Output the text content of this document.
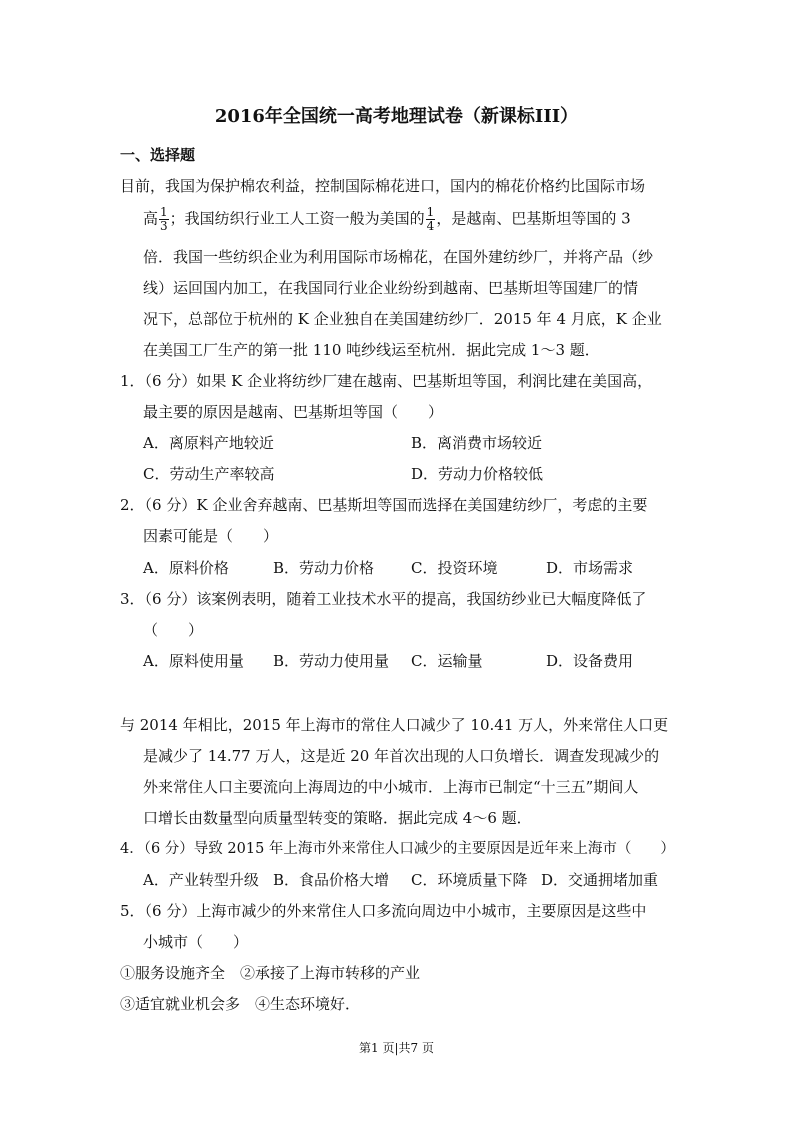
2016年全国统一高考地理试卷（新课标III）
一、选择题
目前，我国为保护棉农利益，控制国际棉花进口，国内的棉花价格约比国际市场
高 $\frac{1}{3}$ ；我国纺织行业工人工资一般为美国的 $\frac{1}{4}$ ，是越南、巴基斯坦等国的 3
倍．我国一些纺织企业为利用国际市场棉花，在国外建纺纱厂，并将产品（纱
线）运回国内加工，在我国同行业企业纷纷到越南、巴基斯坦等国建厂的情
况下，总部位于杭州的 K 企业独自在美国建纺纱厂．2015 年 4 月底，K 企业
在美国工厂生产的第一批 110 吨纱线运至杭州．据此完成 1～3 题．
1．（6 分）如果 K 企业将纺纱厂建在越南、巴基斯坦等国，利润比建在美国高，
最主要的原因是越南、巴基斯坦等国（　　）
A．离原料产地较近	B．离消费市场较近
C．劳动生产率较高	D．劳动力价格较低
2．（6 分）K 企业舍弃越南、巴基斯坦等国而选择在美国建纺纱厂，考虑的主要
因素可能是（　　）
A．原料价格	B．劳动力价格 C．投资环境	D．市场需求
3．（6 分）该案例表明，随着工业技术水平的提高，我国纺纱业已大幅度降低了
（　　）
A．原料使用量 B．劳动力使用量 C．运输量	D．设备费用
与 2014 年相比，2015 年上海市的常住人口减少了 10.41 万人，外来常住人口更
是减少了 14.77 万人，这是近 20 年首次出现的人口负增长．调查发现减少的
外来常住人口主要流向上海周边的中小城市．上海市已制定“十三五”期间人
口增长由数量型向质量型转变的策略．据此完成 4～6 题．
4．（6 分）导致 2015 年上海市外来常住人口减少的主要原因是近年来上海市（　　）
A．产业转型升级 B．食品价格大增 C．环境质量下降 D．交通拥堵加重
5．（6 分）上海市减少的外来常住人口多流向周边中小城市，主要原因是这些中
小城市（　　）
①服务设施齐全　②承接了上海市转移的产业
③适宜就业机会多　④生态环境好．
第1 页|共7 页
